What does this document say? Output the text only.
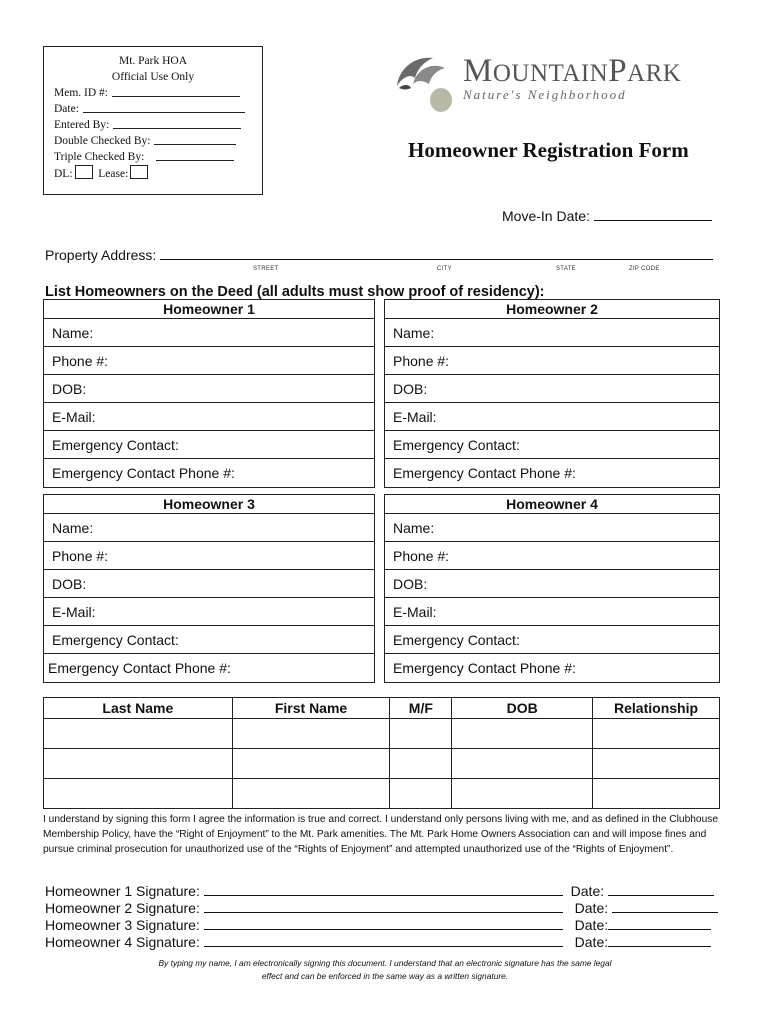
Mt. Park HOA
Official Use Only
Mem. ID #:
Date:
Entered By:
Double Checked By:
Triple Checked By:
DL: Lease:
MOUNTAINPARK
Nature's Neighborhood
Homeowner Registration Form
Move-In Date:
Property Address:
STREET	CITY	STATE	ZIP CODE
List Homeowners on the Deed (all adults must show proof of residency):
Homeowner 1
Name:
Phone #:
DOB:
E-Mail:
Emergency Contact:
Emergency Contact Phone #:
Homeowner 2
Name:
Phone #:
DOB:
E-Mail:
Emergency Contact:
Emergency Contact Phone #:
Homeowner 3
Name:
Phone #:
DOB:
E-Mail:
Emergency Contact:
Emergency Contact Phone #:
Homeowner 4
Name:
Phone #:
DOB:
E-Mail:
Emergency Contact:
Emergency Contact Phone #:
Last Name	First Name	M/F	DOB	Relationship

I understand by signing this form I agree the information is true and correct. I understand only persons living with me, and as defined in the Clubhouse Membership Policy, have the “Right of Enjoyment” to the Mt. Park amenities. The Mt. Park Home Owners Association can and will impose fines and pursue criminal prosecution for unauthorized use of the “Rights of Enjoyment” and attempted unauthorized use of the “Rights of Enjoyment”.
Homeowner 1 Signature:	Date:
Homeowner 2 Signature:	Date:
Homeowner 3 Signature:	Date:
Homeowner 4 Signature:	Date:
By typing my name, I am electronically signing this document. I understand that an electronic signature has the same legal effect and can be enforced in the same way as a written signature.
